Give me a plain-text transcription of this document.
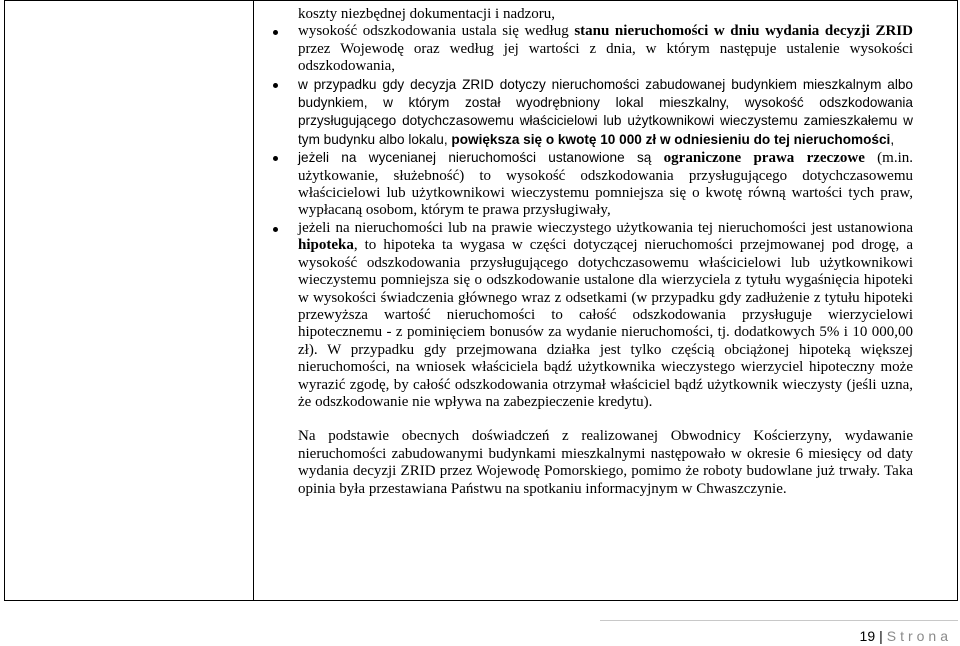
koszty niezbędnej dokumentacji i nadzoru,

wysokość odszkodowania ustala się według stanu nieruchomości w dniu wydania decyzji ZRID przez Wojewodę oraz według jej wartości z dnia, w którym następuje ustalenie wysokości odszkodowania,
w przypadku gdy decyzja ZRID dotyczy nieruchomości zabudowanej budynkiem mieszkalnym albo budynkiem, w którym został wyodrębniony lokal mieszkalny, wysokość odszkodowania przysługującego dotychczasowemu właścicielowi lub użytkownikowi wieczystemu zamieszkałemu w tym budynku albo lokalu, powiększa się o kwotę 10 000 zł w odniesieniu do tej nieruchomości,
jeżeli na wycenianej nieruchomości ustanowione są ograniczone prawa rzeczowe (m.in. użytkowanie, służebność) to wysokość odszkodowania przysługującego dotychczasowemu właścicielowi lub użytkownikowi wieczystemu pomniejsza się o kwotę równą wartości tych praw, wypłacaną osobom, którym te prawa przysługiwały,
jeżeli na nieruchomości lub na prawie wieczystego użytkowania tej nieruchomości jest ustanowiona hipoteka, to hipoteka ta wygasa w części dotyczącej nieruchomości przejmowanej pod drogę, a wysokość odszkodowania przysługującego dotychczasowemu właścicielowi lub użytkownikowi wieczystemu pomniejsza się o odszkodowanie ustalone dla wierzyciela z tytułu wygaśnięcia hipoteki w wysokości świadczenia głównego wraz z odsetkami (w przypadku gdy zadłużenie z tytułu hipoteki przewyższa wartość nieruchomości to całość odszkodowania przysługuje wierzycielowi hipotecznemu - z pominięciem bonusów za wydanie nieruchomości, tj. dodatkowych 5% i 10 000,00 zł). W przypadku gdy przejmowana działka jest tylko częścią obciążonej hipoteką większej nieruchomości, na wniosek właściciela bądź użytkownika wieczystego wierzyciel hipoteczny może wyrazić zgodę, by całość odszkodowania otrzymał właściciel bądź użytkownik wieczysty (jeśli uzna, że odszkodowanie nie wpływa na zabezpieczenie kredytu).

Na podstawie obecnych doświadczeń z realizowanej Obwodnicy Kościerzyny, wydawanie nieruchomości zabudowanymi budynkami mieszkalnymi następowało w okresie 6 miesięcy od daty wydania decyzji ZRID przez Wojewodę Pomorskiego, pomimo że roboty budowlane już trwały. Taka opinia była przestawiana Państwu na spotkaniu informacyjnym w Chwaszczynie.

19 | Strona
